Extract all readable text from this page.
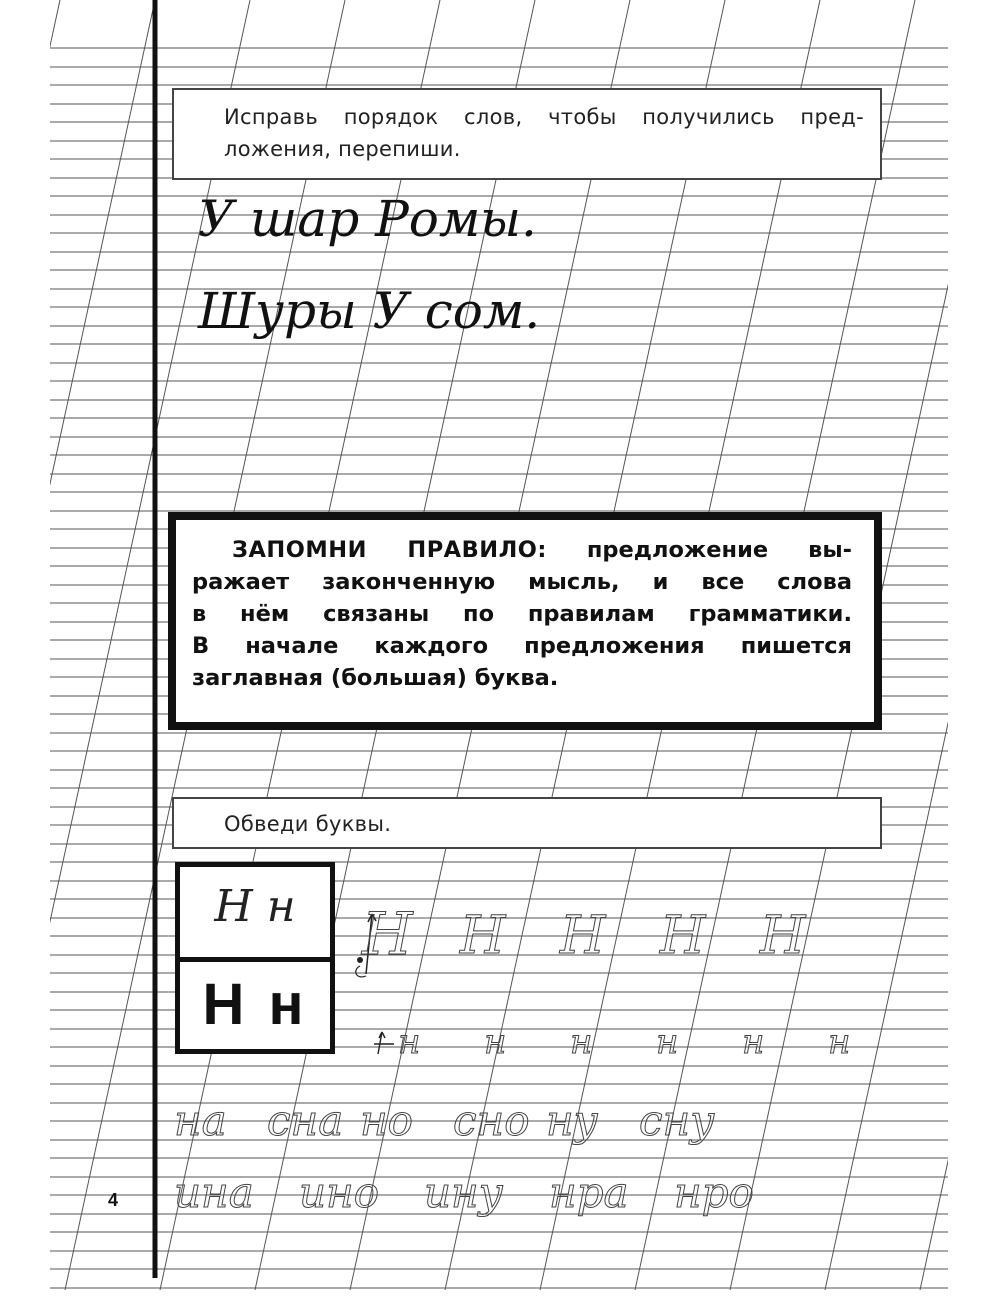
Исправь порядок слов, чтобы получились пред-
ложения, перепиши.
У шар Ромы.
Шуры У сом.
ЗАПОМНИ ПРАВИЛО: предложение вы-
ражает законченную мысль, и все слова
в нём связаны по правилам грамматики.
В начале каждого предложения пишется
заглавная (большая) буква.
Обведи буквы.
Н н
Н н
Н Н Н Н Н
н н н н н н
на сна но сно ну сну
ина ино ину нра нро
4
